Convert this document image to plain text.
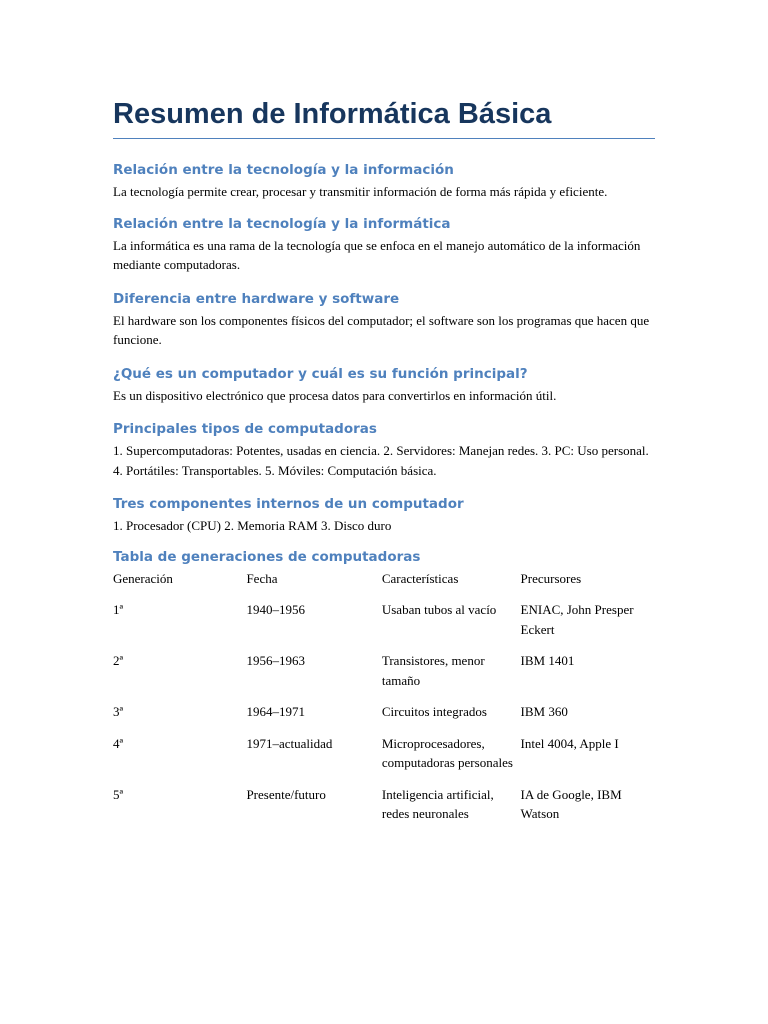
Resumen de Informática Básica
Relación entre la tecnología y la información

La tecnología permite crear, procesar y transmitir información de forma más rápida y eficiente.

Relación entre la tecnología y la informática

La informática es una rama de la tecnología que se enfoca en el manejo automático de la información mediante computadoras.

Diferencia entre hardware y software

El hardware son los componentes físicos del computador; el software son los programas que hacen que funcione.

¿Qué es un computador y cuál es su función principal?

Es un dispositivo electrónico que procesa datos para convertirlos en información útil.

Principales tipos de computadoras

1. Supercomputadoras: Potentes, usadas en ciencia. 2. Servidores: Manejan redes. 3. PC: Uso personal. 4. Portátiles: Transportables. 5. Móviles: Computación básica.

Tres componentes internos de un computador

1. Procesador (CPU) 2. Memoria RAM 3. Disco duro

Tabla de generaciones de computadoras
Generación	Fecha	Características	Precursores
1ª	1940–1956	Usaban tubos al vacío	ENIAC, John Presper Eckert
2ª	1956–1963	Transistores, menor tamaño	IBM 1401
3ª	1964–1971	Circuitos integrados	IBM 360
4ª	1971–actualidad	Microprocesadores, computadoras personales	Intel 4004, Apple I
5ª	Presente/futuro	Inteligencia artificial, redes neuronales	IA de Google, IBM Watson
